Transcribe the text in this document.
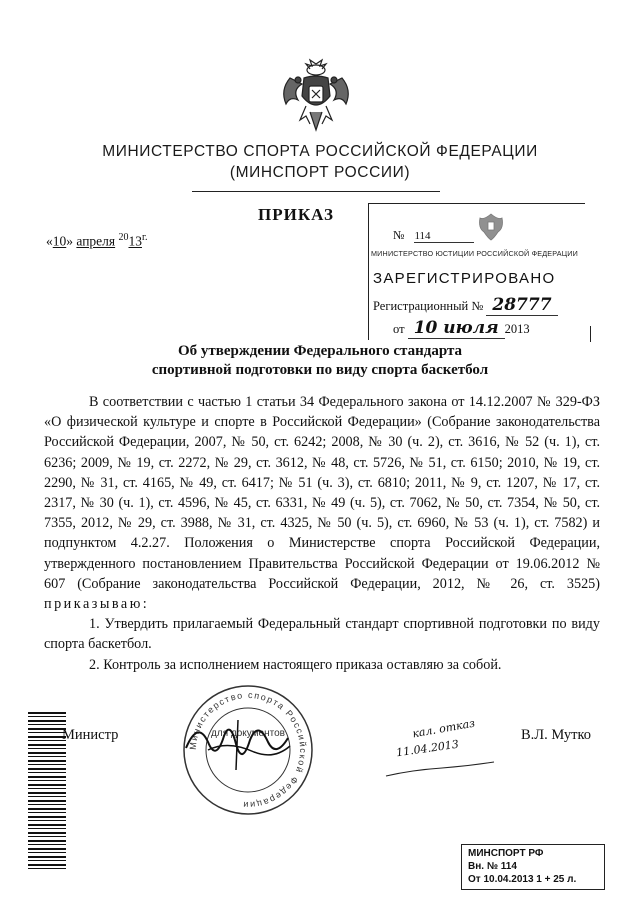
МИНИСТЕРСТВО СПОРТА РОССИЙСКОЙ ФЕДЕРАЦИИ
(МИНСПОРТ РОССИИ)
ПРИКАЗ
«10» апреля $^{20}13^{г.}$	№ 114
МИНИСТЕРСТВО ЮСТИЦИИ РОССИЙСКОЙ ФЕДЕРАЦИИ
ЗАРЕГИСТРИРОВАНО
Регистрационный № 28777
от 10 июля 2013
Об утверждении Федерального стандарта
спортивной подготовки по виду спорта баскетбол

В соответствии с частью 1 статьи 34 Федерального закона от 14.12.2007 № 329-ФЗ «О физической культуре и спорте в Российской Федерации» (Собрание законодательства Российской Федерации, 2007, № 50, ст. 6242; 2008, № 30 (ч. 2), ст. 3616, № 52 (ч. 1), ст. 6236; 2009, № 19, ст. 2272, № 29, ст. 3612, № 48, ст. 5726, № 51, ст. 6150; 2010, № 19, ст. 2290, № 31, ст. 4165, № 49, ст. 6417; № 51 (ч. 3), ст. 6810; 2011, № 9, ст. 1207, № 17, ст. 2317, № 30 (ч. 1), ст. 4596, № 45, ст. 6331, № 49 (ч. 5), ст. 7062, № 50, ст. 7354, № 50, ст. 7355, 2012, № 29, ст. 3988, № 31, ст. 4325, № 50 (ч. 5), ст. 6960, № 53 (ч. 1), ст. 7582) и подпунктом 4.2.27. Положения о Министерстве спорта Российской Федерации, утвержденного постановлением Правительства Российской Федерации от 19.06.2012 № 607 (Собрание законодательства Российской Федерации, 2012, № 26, ст. 3525) приказываю:

1. Утвердить прилагаемый Федеральный стандарт спортивной подготовки по виду спорта баскетбол.

2. Контроль за исполнением настоящего приказа оставляю за собой.

Министр
Министерство спорта Российской Федерации
для документов	кал. отказ
11.04.2013
В.Л. Мутко
МИНСПОРТ РФ
Вн. № 114
От 10.04.2013 1 + 25 л.
